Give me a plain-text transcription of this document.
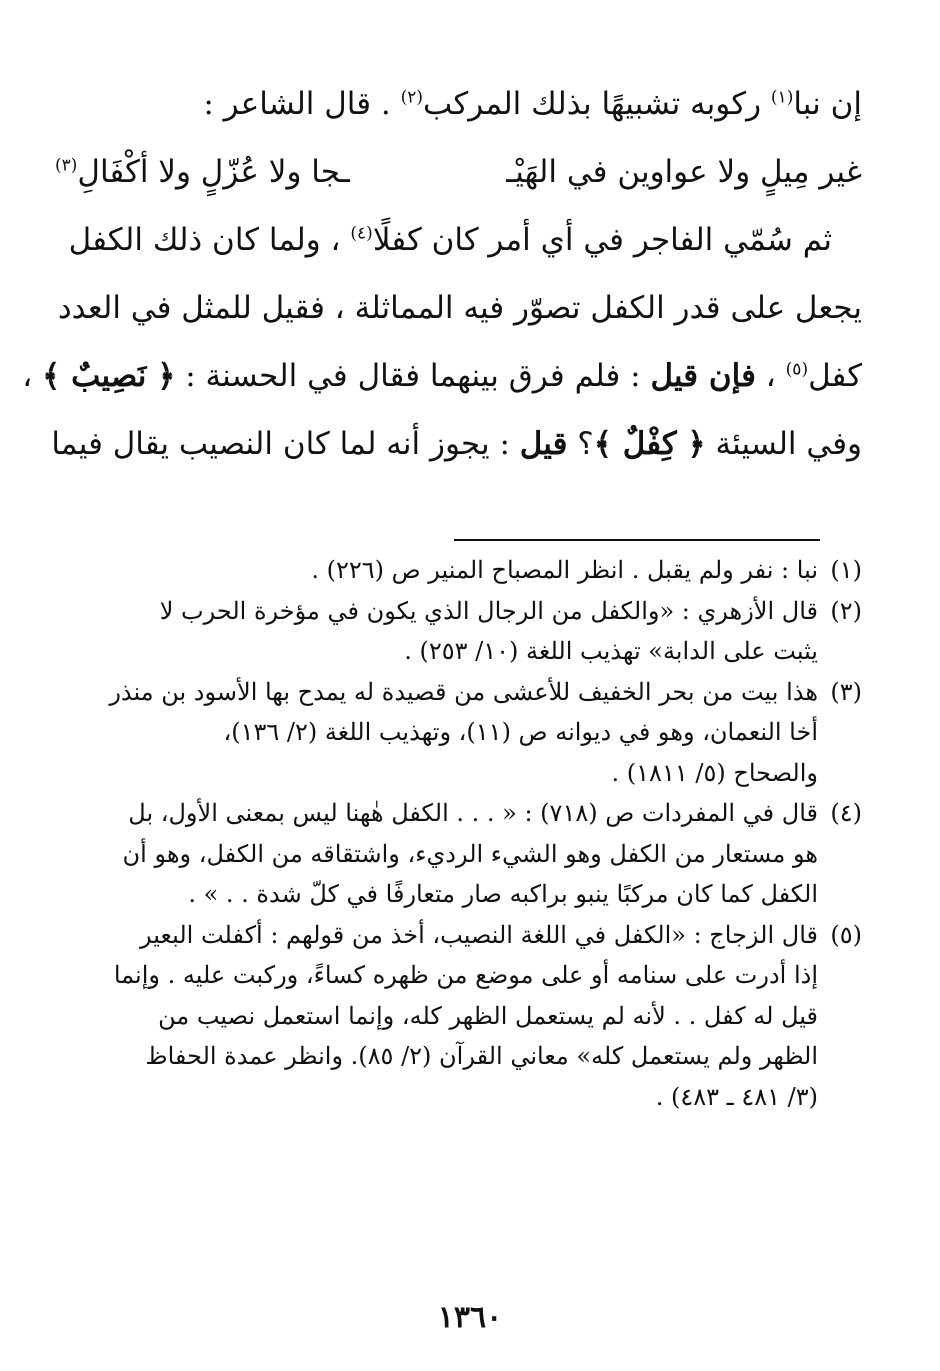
إن نبا$^{(١)}$ ركوبه تشبيهًا بذلك المركب$^{(٢)}$ . قال الشاعر :
غير مِيلٍ ولا عواوين في الهَيْـ
ـجا ولا عُزّلٍ ولا أكْفَالِ$^{(٣)}$
ثم سُمّي الفاجر في أي أمر كان كفلًا$^{(٤)}$ ، ولما كان ذلك الكفل
يجعل على قدر الكفل تصوّر فيه المماثلة ، فقيل للمثل في العدد
كفل$^{(٥)}$ ، فإن قيل : فلم فرق بينهما فقال في الحسنة : ﴿ نَصِيبٌ ﴾ ،
وفي السيئة ﴿ كِفْلٌ ﴾؟ قيل : يجوز أنه لما كان النصيب يقال فيما
(١)
نبا : نفر ولم يقبل . انظر المصباح المنير ص (٢٢٦) .
(٢)
قال الأزهري : «والكفل من الرجال الذي يكون في مؤخرة الحرب لا
يثبت على الدابة» تهذيب اللغة (١٠/ ٢٥٣) .
(٣)
هذا بيت من بحر الخفيف للأعشى من قصيدة له يمدح بها الأسود بن منذر
أخا النعمان، وهو في ديوانه ص (١١)، وتهذيب اللغة (٢/ ١٣٦)،
والصحاح (٥/ ١٨١١) .
(٤)
قال في المفردات ص (٧١٨) : « . . . الكفل هٰهنا ليس بمعنى الأول، بل
هو مستعار من الكفل وهو الشيء الرديء، واشتقاقه من الكفل، وهو أن
الكفل كما كان مركبًا ينبو براكبه صار متعارفًا في كلّ شدة . . » .
(٥)
قال الزجاج : «الكفل في اللغة النصيب، أخذ من قولهم : أكفلت البعير
إذا أدرت على سنامه أو على موضع من ظهره كساءً، وركبت عليه . وإنما
قيل له كفل . . لأنه لم يستعمل الظهر كله، وإنما استعمل نصيب من
الظهر ولم يستعمل كله» معاني القرآن (٢/ ٨٥). وانظر عمدة الحفاظ
(٣/ ٤٨١ ـ ٤٨٣) .
١٣٦٠
